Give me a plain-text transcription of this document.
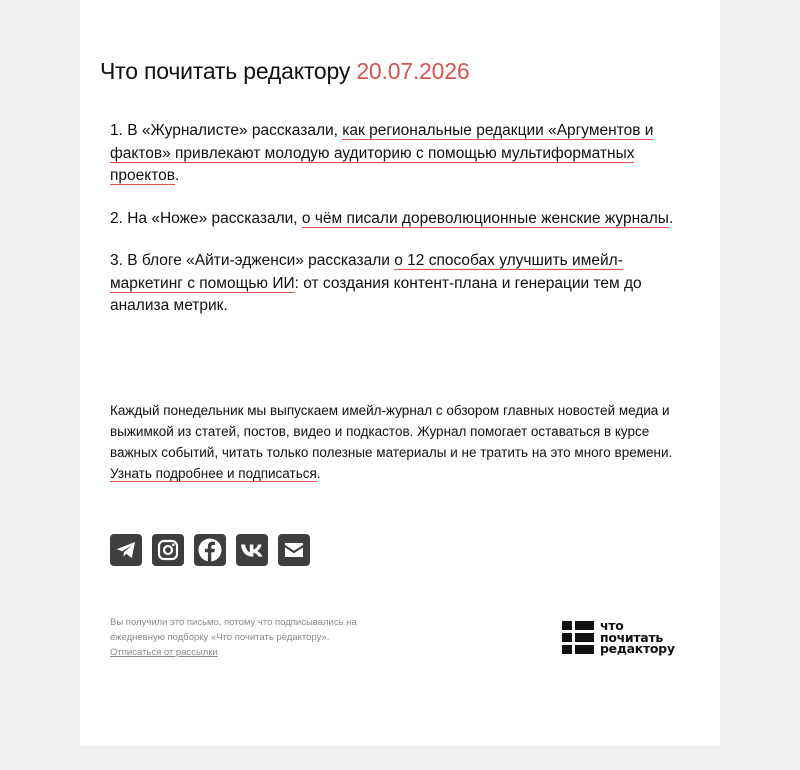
Что почитать редактору 20.07.2026

1. В «Журналисте» рассказали, как региональные редакции «Аргументов и фактов» привлекают молодую аудиторию с помощью мультиформатных проектов.

2. На «Ноже» рассказали, о чём писали дореволюционные женские журналы.

3. В блоге «Айти-эдженси» рассказали о 12 способах улучшить имейл-маркетинг с помощью ИИ: от создания контент-плана и генерации тем до анализа метрик.

Каждый понедельник мы выпускаем имейл-журнал с обзором главных новостей медиа и выжимкой из статей, постов, видео и подкастов. Журнал помогает оставаться в курсе важных событий, читать только полезные материалы и не тратить на это много времени. Узнать подробнее и подписаться.

Вы получили это письмо, потому что подписывались на ежедневную подборку «Что почитать редактору».
Отписаться от рассылки

что
почитать
редактору
